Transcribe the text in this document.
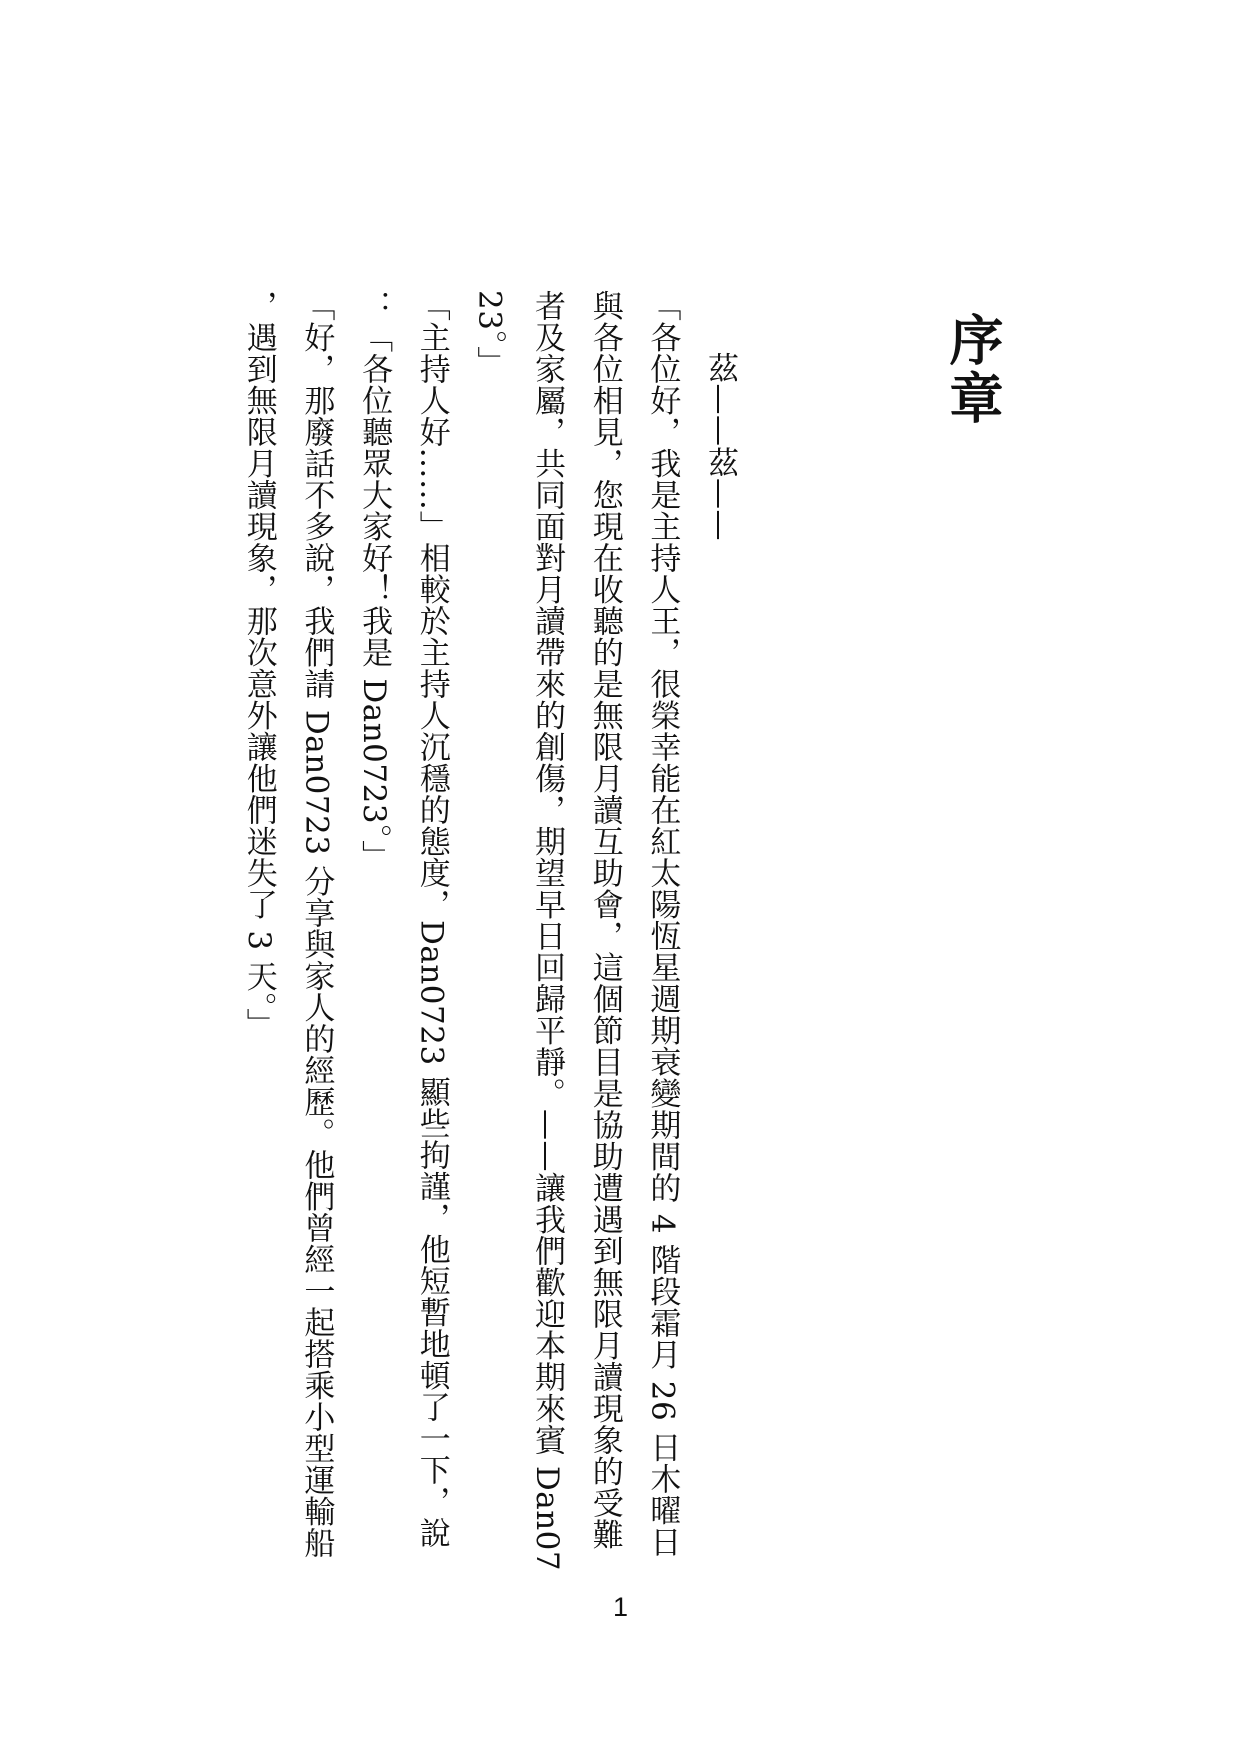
序章

茲——茲——

「各位好，我是主持人王，很榮幸能在紅太陽恆星週期衰變期間的 4 階段霜月 26 日木曜日與各位相見，您現在收聽的是無限月讀互助會，這個節目是協助遭遇到無限月讀現象的受難者及家屬，共同面對月讀帶來的創傷，期望早日回歸平靜。——讓我們歡迎本期來賓 Dan0723。」

「主持人好……」相較於主持人沉穩的態度，Dan0723 顯些拘謹，他短暫地頓了一下，說：「各位聽眾大家好！我是 Dan0723。」

「好，那廢話不多說，我們請 Dan0723 分享與家人的經歷。他們曾經一起搭乘小型運輸船，遇到無限月讀現象，那次意外讓他們迷失了 3 天。」

1
